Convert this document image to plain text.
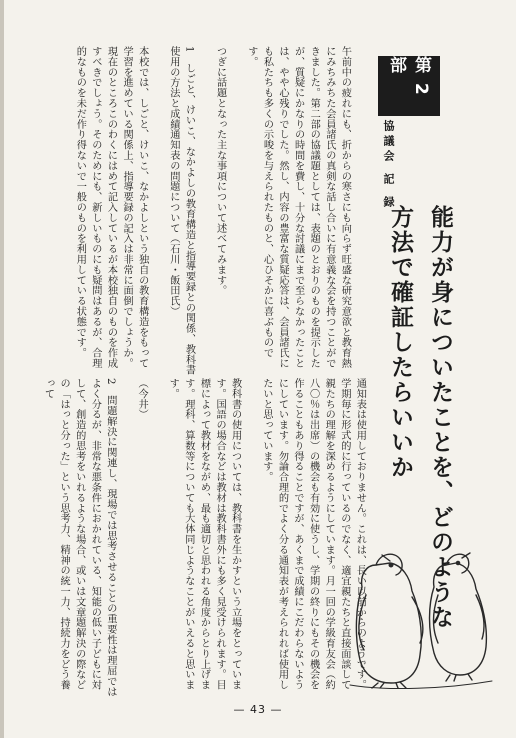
第 2 部
協議会 記 録
能力が身についたことを、どのような
方法で確証したらいいか

午前中の疲れにも、折からの寒さにも向らず旺盛な研究意欲と教育熱にみちみちた会員諸氏の真剣な話し合いに有意義な会を持つことができました。第二部の協議題としては、表題のとおりのものを提示したが、質疑にかなりの時間を費し、十分な討議にまで至らなかったことは、やや心残りでした。然し、内容の豊富な質疑応答は、会員諸氏にも私たちも多くの示唆を与えられたものと、心ひそかに喜ぶものです。

つぎに話題となった主な事項について述べてみます。

1　しごと、けいこ、なかよしの教育構造と指導要録との関係、教科書使用の方法と成績通知表の問題について（石川・飯田氏）

本校では、しごと、けいこ、なかよしという独自の教育構造をもって学習を進めている関係上、指導要録の記入は非常に面倒でしょうか。現在のところこのわくにはめて記入しているが本校独自のものを作成すべきでしょう。そのためにも、新しいものにも疑問はあるが、合理的なものを未だ作り得ないで一般のものを利用している状態です。

通知表は使用しておりません。これは、長い以前からのようです。学期毎に形式的に行っているのでなく、適宜親たちと直接面談して親たちの理解を深めるようにしています。月一回の学級育友会（約八〇％は出席）の機会も有効に使うし、学期の終りにもその機会を作ることもあり得ることですが、あくまで成績にこだわらないようにしています。勿論合理的でよく分る通知表が考えられれば使用したいと思っています。

教科書の使用については、教科書を生かすという立場をとっていま す。国語の場合などは教材は教科書外にも多く見受けられます。目標によって教材をながめ、最も適切と思われる角度からとり上げます。理科、算数等についても大体同じようなことがいえると思います。

（今井）

2　問題解決に関連し、現場では思考させることの重要性は理屈ではよく分るが、非常な悪条件におかれている、知能の低い子どもに対して、創造的思考をいれるような場合、或いは文章題解決の際などの「はっと分った」という思考力、精神の統一力、持続力をどう養って

— 43 —
